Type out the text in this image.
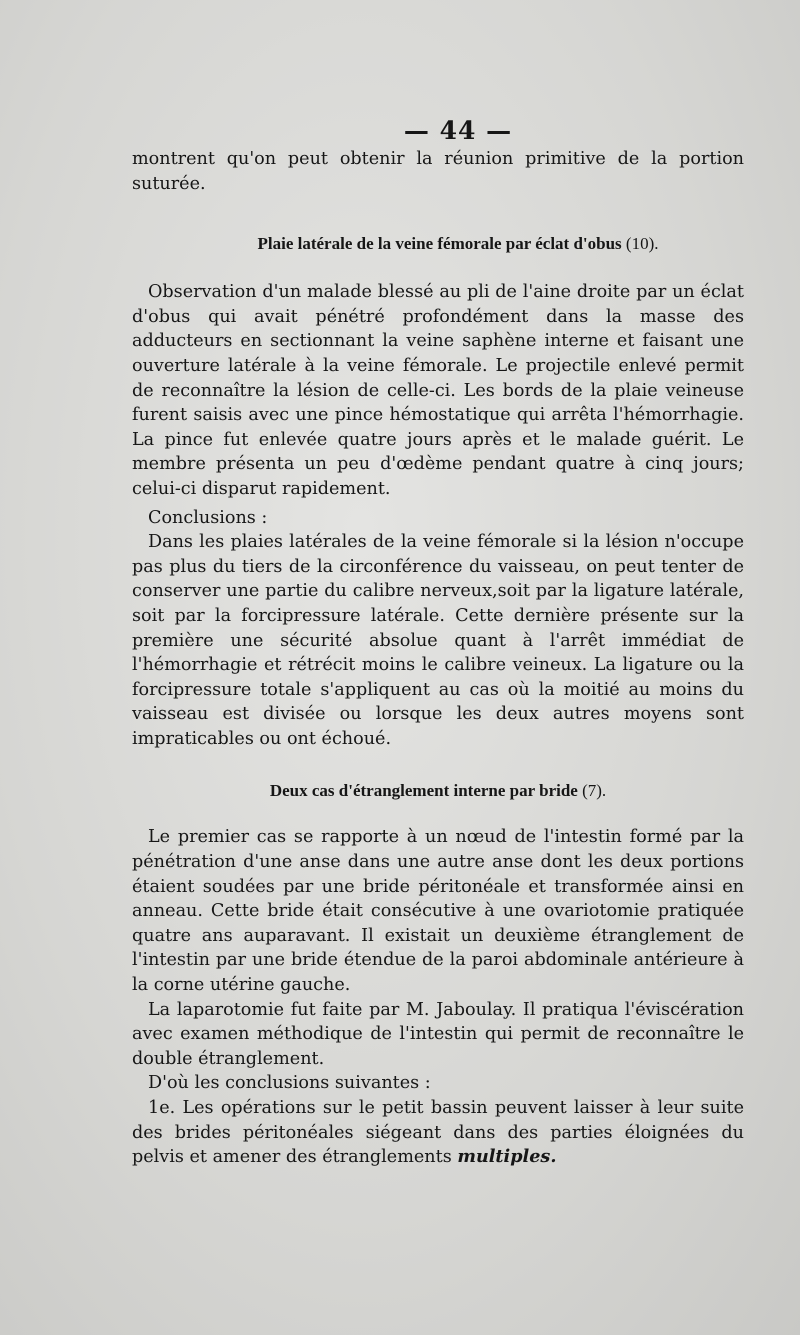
— 44 —

montrent qu'on peut obtenir la réunion primitive de la portion suturée.

Plaie latérale de la veine fémorale par éclat d'obus (10).

Observation d'un malade blessé au pli de l'aine droite par un éclat d'obus qui avait pénétré profondément dans la masse des adducteurs en sectionnant la veine saphène interne et faisant une ouverture latérale à la veine fémorale. Le projectile enlevé permit de reconnaître la lésion de celle-ci. Les bords de la plaie veineuse furent saisis avec une pince hémostatique qui arrêta l'hémorrhagie. La pince fut enlevée quatre jours après et le malade guérit. Le membre présenta un peu d'œdème pendant quatre à cinq jours; celui-ci disparut rapidement.

Conclusions :

Dans les plaies latérales de la veine fémorale si la lésion n'occupe pas plus du tiers de la circonférence du vaisseau, on peut tenter de conserver une partie du calibre nerveux,soit par la ligature latérale, soit par la forcipressure latérale. Cette dernière présente sur la première une sécurité absolue quant à l'arrêt immédiat de l'hémorrhagie et rétrécit moins le calibre veineux. La ligature ou la forcipressure totale s'appliquent au cas où la moitié au moins du vaisseau est divisée ou lorsque les deux autres moyens sont impraticables ou ont échoué.

Deux cas d'étranglement interne par bride (7).

Le premier cas se rapporte à un nœud de l'intestin formé par la pénétration d'une anse dans une autre anse dont les deux portions étaient soudées par une bride péritonéale et transformée ainsi en anneau. Cette bride était consécutive à une ovariotomie pratiquée quatre ans auparavant. Il existait un deuxième étranglement de l'intestin par une bride étendue de la paroi abdominale antérieure à la corne utérine gauche.

La laparotomie fut faite par M. Jaboulay. Il pratiqua l'éviscération avec examen méthodique de l'intestin qui permit de reconnaître le double étranglement.

D'où les conclusions suivantes :

1e. Les opérations sur le petit bassin peuvent laisser à leur suite des brides péritonéales siégeant dans des parties éloignées du pelvis et amener des étranglements multiples.
